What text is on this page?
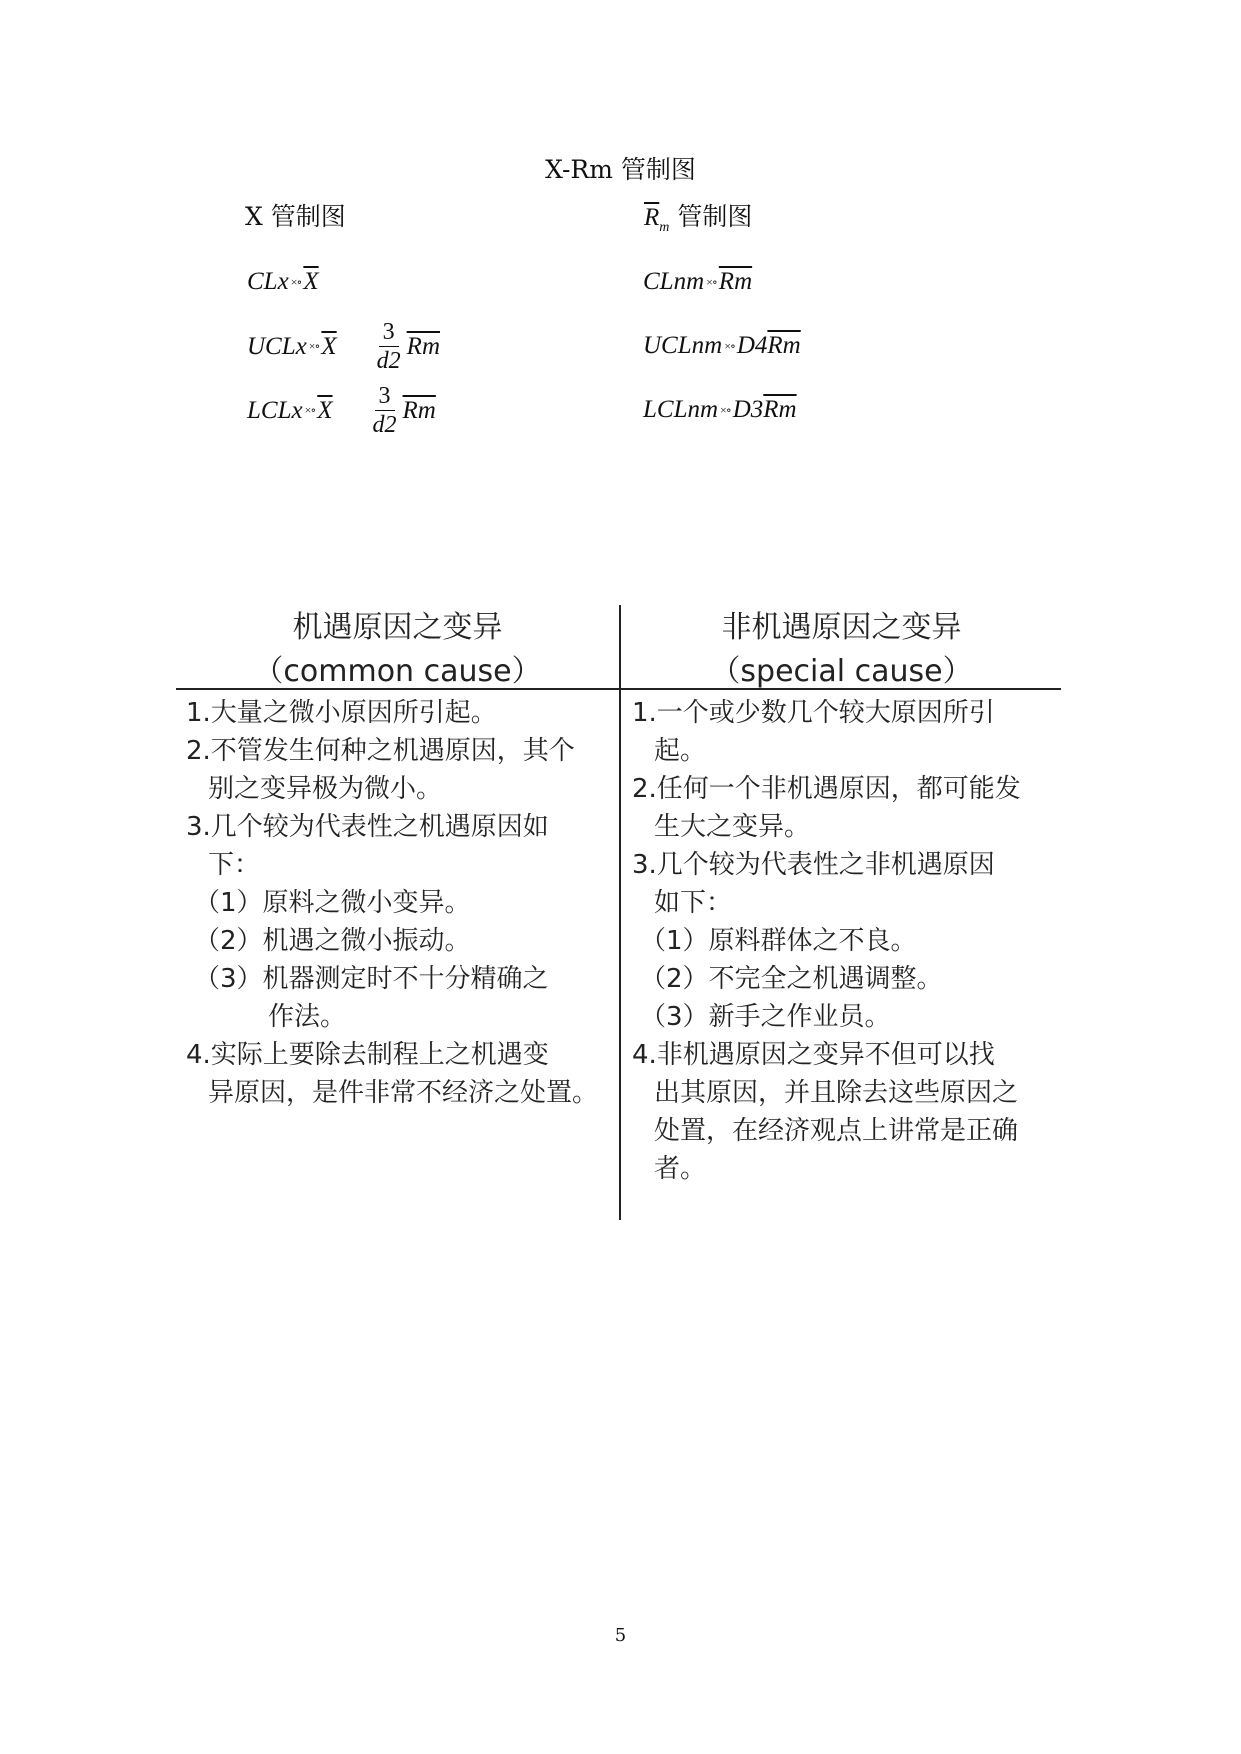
X-Rm 管制图
X 管制图	$\overline{R}_m$ 管制图
CLx ×∘ $\overline{X}$
UCLx ×∘ $\overline{X} \frac{3}{d2} \overline{Rm}$
LCLx ×∘ $\overline{X} \frac{3}{d2} \overline{Rm}$
CLnm ×∘ $\overline{Rm}$
UCLnm ×∘ D4 $\overline{Rm}$
LCLnm ×∘ D3 $\overline{Rm}$
机遇原因之变异
（common cause）
非机遇原因之变异
（special cause）
1.大量之微小原因所引起。
2.不管发生何种之机遇原因，其个
别之变异极为微小。
3.几个较为代表性之机遇原因如
下：
（1）原料之微小变异。
（2）机遇之微小振动。
（3）机器测定时不十分精确之
作法。
4.实际上要除去制程上之机遇变
异原因，是件非常不经济之处置。
1.一个或少数几个较大原因所引
起。
2.任何一个非机遇原因，都可能发
生大之变异。
3.几个较为代表性之非机遇原因
如下：
（1）原料群体之不良。
（2）不完全之机遇调整。
（3）新手之作业员。
4.非机遇原因之变异不但可以找
出其原因，并且除去这些原因之
处置，在经济观点上讲常是正确
者。
5
